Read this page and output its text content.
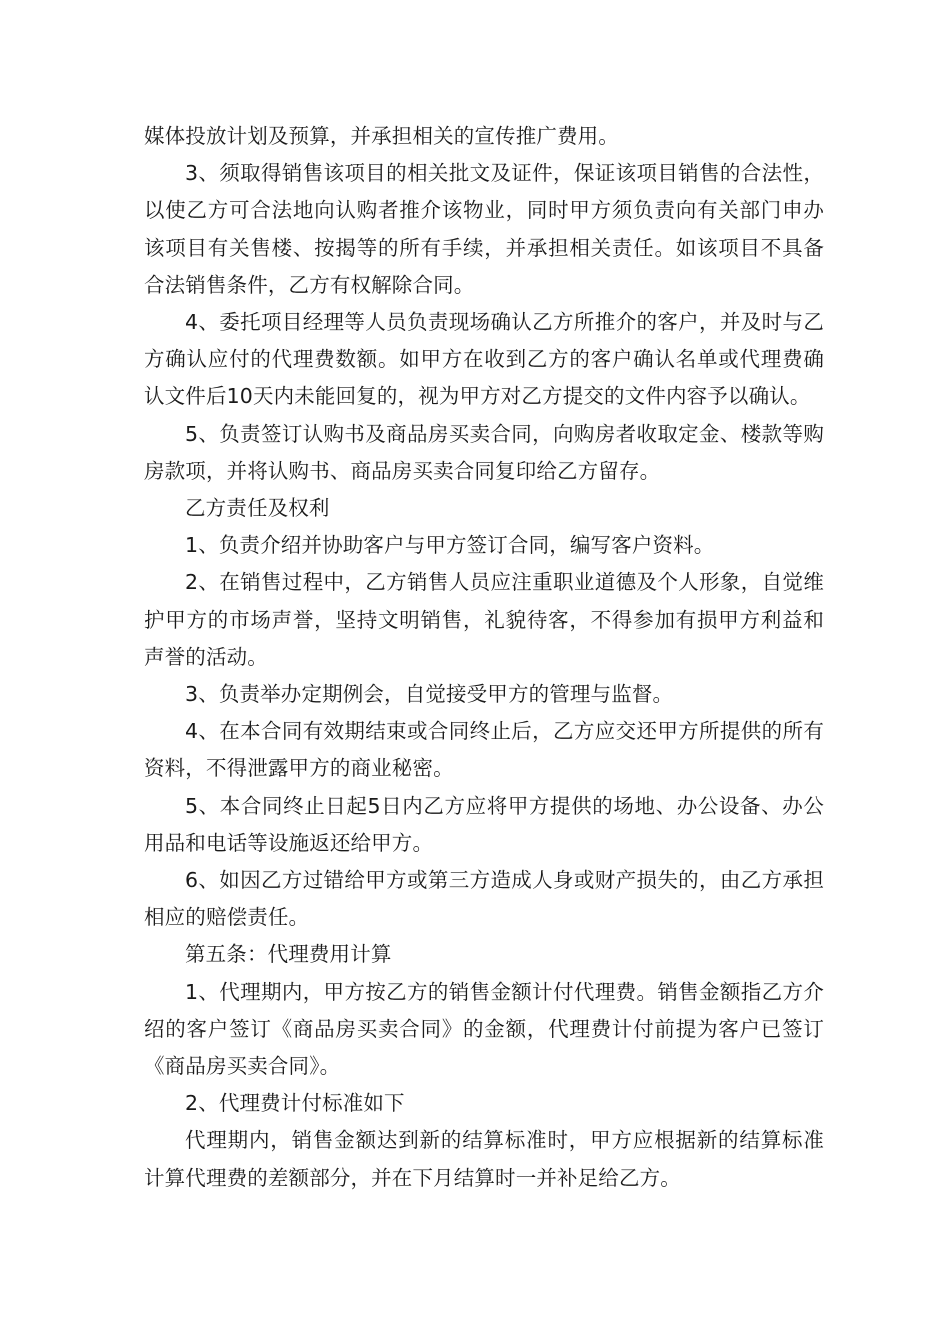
媒体投放计划及预算，并承担相关的宣传推广费用。

3、须取得销售该项目的相关批文及证件，保证该项目销售的合法性，以使乙方可合法地向认购者推介该物业，同时甲方须负责向有关部门申办该项目有关售楼、按揭等的所有手续，并承担相关责任。如该项目不具备合法销售条件，乙方有权解除合同。

4、委托项目经理等人员负责现场确认乙方所推介的客户，并及时与乙方确认应付的代理费数额。如甲方在收到乙方的客户确认名单或代理费确认文件后10天内未能回复的，视为甲方对乙方提交的文件内容予以确认。

5、负责签订认购书及商品房买卖合同，向购房者收取定金、楼款等购房款项，并将认购书、商品房买卖合同复印给乙方留存。

乙方责任及权利

1、负责介绍并协助客户与甲方签订合同，编写客户资料。

2、在销售过程中，乙方销售人员应注重职业道德及个人形象，自觉维护甲方的市场声誉，坚持文明销售，礼貌待客，不得参加有损甲方利益和声誉的活动。

3、负责举办定期例会，自觉接受甲方的管理与监督。

4、在本合同有效期结束或合同终止后，乙方应交还甲方所提供的所有资料，不得泄露甲方的商业秘密。

5、本合同终止日起5日内乙方应将甲方提供的场地、办公设备、办公用品和电话等设施返还给甲方。

6、如因乙方过错给甲方或第三方造成人身或财产损失的，由乙方承担相应的赔偿责任。

第五条：代理费用计算

1、代理期内，甲方按乙方的销售金额计付代理费。销售金额指乙方介绍的客户签订《商品房买卖合同》的金额，代理费计付前提为客户已签订《商品房买卖合同》。

2、代理费计付标准如下

代理期内，销售金额达到新的结算标准时，甲方应根据新的结算标准计算代理费的差额部分，并在下月结算时一并补足给乙方。
